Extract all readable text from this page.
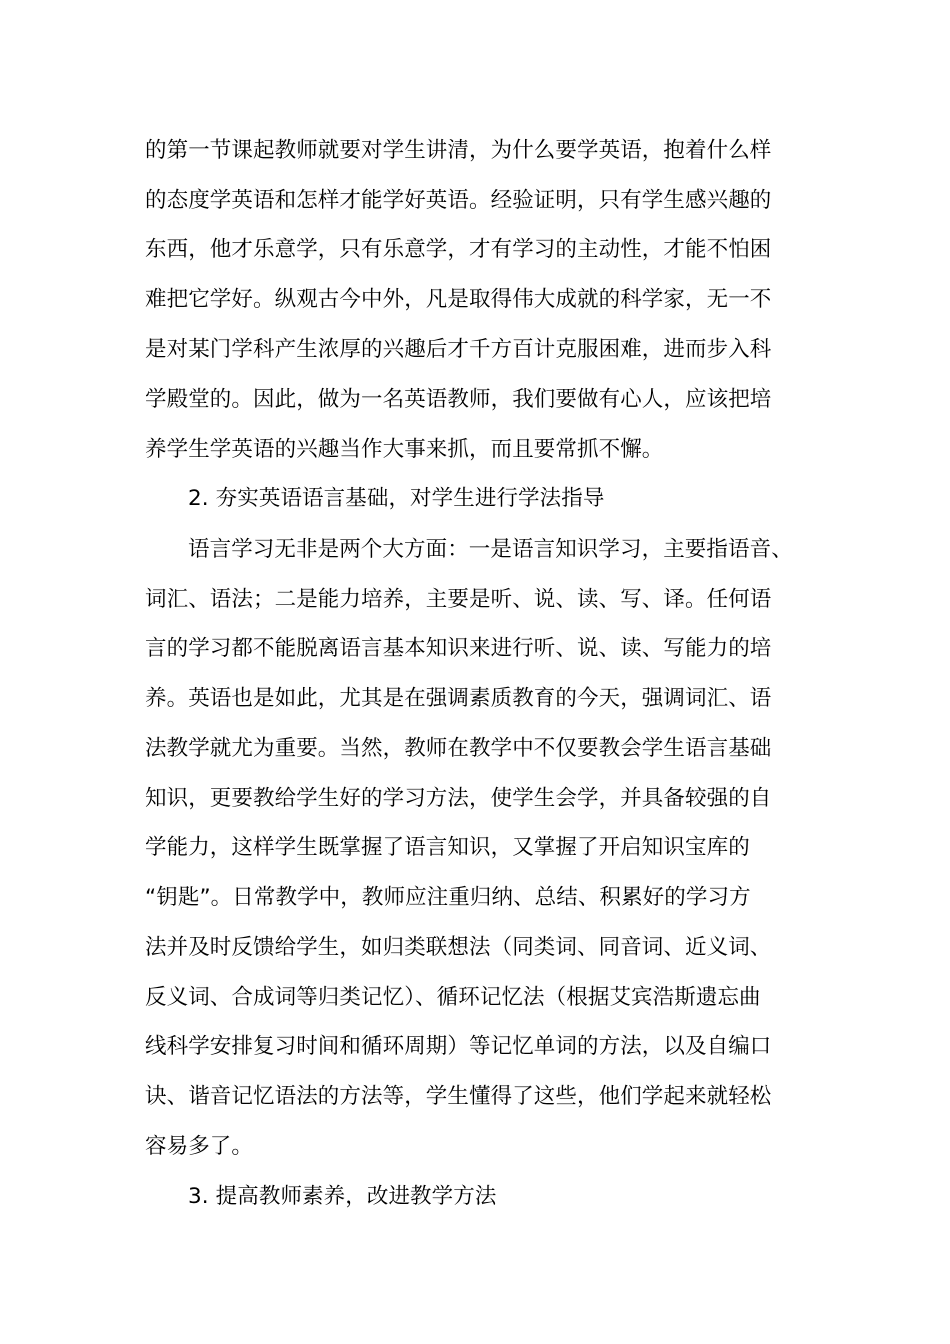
的第一节课起教师就要对学生讲清，为什么要学英语，抱着什么样
的态度学英语和怎样才能学好英语。经验证明，只有学生感兴趣的
东西，他才乐意学，只有乐意学，才有学习的主动性，才能不怕困
难把它学好。纵观古今中外，凡是取得伟大成就的科学家，无一不
是对某门学科产生浓厚的兴趣后才千方百计克服困难，进而步入科
学殿堂的。因此，做为一名英语教师，我们要做有心人，应该把培
养学生学英语的兴趣当作大事来抓，而且要常抓不懈。
2. 夯实英语语言基础，对学生进行学法指导
语言学习无非是两个大方面：一是语言知识学习，主要指语音、
词汇、语法；二是能力培养，主要是听、说、读、写、译。任何语
言的学习都不能脱离语言基本知识来进行听、说、读、写能力的培
养。英语也是如此，尤其是在强调素质教育的今天，强调词汇、语
法教学就尤为重要。当然，教师在教学中不仅要教会学生语言基础
知识，更要教给学生好的学习方法，使学生会学，并具备较强的自
学能力，这样学生既掌握了语言知识，又掌握了开启知识宝库的
“钥匙”。日常教学中，教师应注重归纳、总结、积累好的学习方
法并及时反馈给学生，如归类联想法（同类词、同音词、近义词、
反义词、合成词等归类记忆）、循环记忆法（根据艾宾浩斯遗忘曲
线科学安排复习时间和循环周期）等记忆单词的方法，以及自编口
诀、谐音记忆语法的方法等，学生懂得了这些，他们学起来就轻松
容易多了。
3. 提高教师素养，改进教学方法
